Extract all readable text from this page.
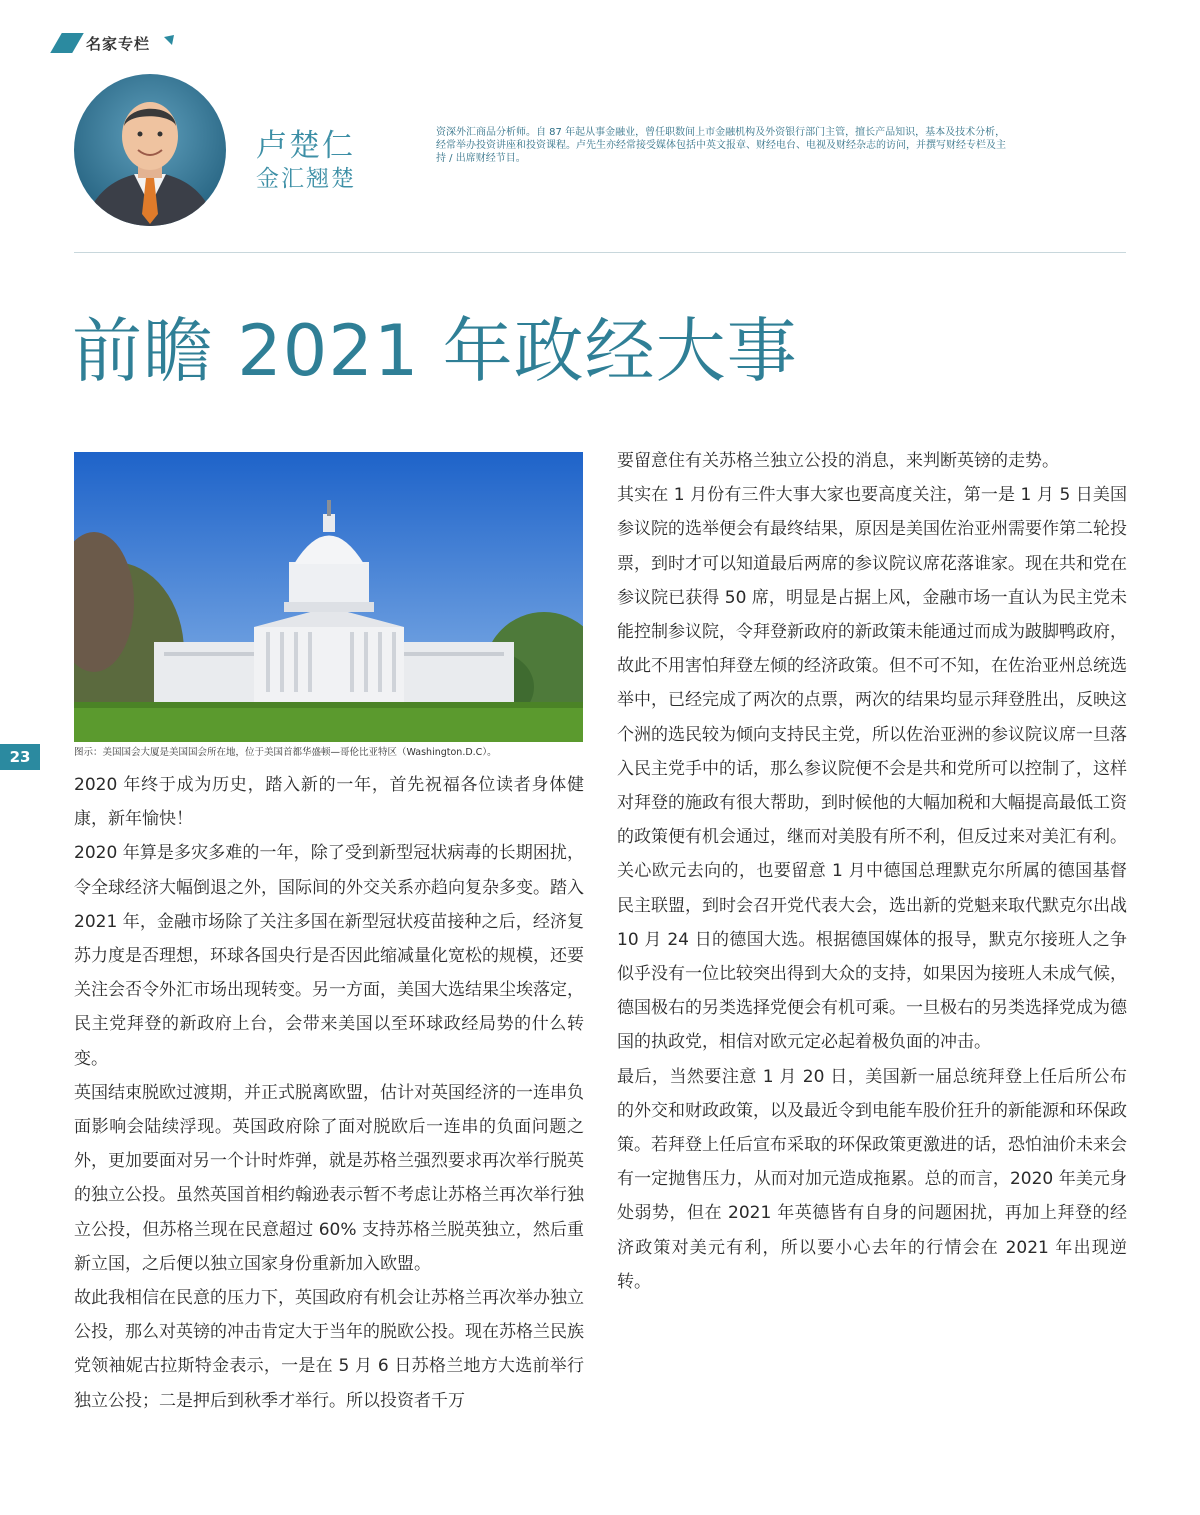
名家专栏
卢楚仁
金汇翘楚
资深外汇商品分析师。自 87 年起从事金融业，曾任职数间上市金融机构及外资银行部门主管，擅长产品知识，基本及技术分析，经常举办投资讲座和投资课程。卢先生亦经常接受媒体包括中英文报章、财经电台、电视及财经杂志的访问，并撰写财经专栏及主持 / 出席财经节目。
前瞻 2021 年政经大事
图示：美国国会大厦是美国国会所在地，位于美国首都华盛顿—哥伦比亚特区（Washington.D.C）。
23

2020 年终于成为历史，踏入新的一年，首先祝福各位读者身体健康，新年愉快！

2020 年算是多灾多难的一年，除了受到新型冠状病毒的长期困扰，令全球经济大幅倒退之外，国际间的外交关系亦趋向复杂多变。踏入 2021 年，金融市场除了关注多国在新型冠状疫苗接种之后，经济复苏力度是否理想，环球各国央行是否因此缩减量化宽松的规模，还要关注会否令外汇市场出现转变。另一方面，美国大选结果尘埃落定，民主党拜登的新政府上台，会带来美国以至环球政经局势的什么转变。

英国结束脱欧过渡期，并正式脱离欧盟，估计对英国经济的一连串负面影响会陆续浮现。英国政府除了面对脱欧后一连串的负面问题之外，更加要面对另一个计时炸弹，就是苏格兰强烈要求再次举行脱英的独立公投。虽然英国首相约翰逊表示暂不考虑让苏格兰再次举行独立公投，但苏格兰现在民意超过 60% 支持苏格兰脱英独立，然后重新立国，之后便以独立国家身份重新加入欧盟。

故此我相信在民意的压力下，英国政府有机会让苏格兰再次举办独立公投，那么对英镑的冲击肯定大于当年的脱欧公投。现在苏格兰民族党领袖妮古拉斯特金表示，一是在 5 月 6 日苏格兰地方大选前举行独立公投；二是押后到秋季才举行。所以投资者千万

要留意住有关苏格兰独立公投的消息，来判断英镑的走势。

其实在 1 月份有三件大事大家也要高度关注，第一是 1 月 5 日美国参议院的选举便会有最终结果，原因是美国佐治亚州需要作第二轮投票，到时才可以知道最后两席的参议院议席花落谁家。现在共和党在参议院已获得 50 席，明显是占据上风，金融市场一直认为民主党未能控制参议院，令拜登新政府的新政策未能通过而成为跛脚鸭政府，故此不用害怕拜登左倾的经济政策。但不可不知，在佐治亚州总统选举中，已经完成了两次的点票，两次的结果均显示拜登胜出，反映这个洲的选民较为倾向支持民主党，所以佐治亚洲的参议院议席一旦落入民主党手中的话，那么参议院便不会是共和党所可以控制了，这样对拜登的施政有很大帮助，到时候他的大幅加税和大幅提高最低工资的政策便有机会通过，继而对美股有所不利，但反过来对美汇有利。

关心欧元去向的，也要留意 1 月中德国总理默克尔所属的德国基督民主联盟，到时会召开党代表大会，选出新的党魁来取代默克尔出战 10 月 24 日的德国大选。根据德国媒体的报导，默克尔接班人之争似乎没有一位比较突出得到大众的支持，如果因为接班人未成气候，德国极右的另类选择党便会有机可乘。一旦极右的另类选择党成为德国的执政党，相信对欧元定必起着极负面的冲击。

最后，当然要注意 1 月 20 日，美国新一届总统拜登上任后所公布的外交和财政政策，以及最近令到电能车股价狂升的新能源和环保政策。若拜登上任后宣布采取的环保政策更激进的话，恐怕油价未来会有一定抛售压力，从而对加元造成拖累。总的而言，2020 年美元身处弱势，但在 2021 年英德皆有自身的问题困扰，再加上拜登的经济政策对美元有利，所以要小心去年的行情会在 2021 年出现逆转。
